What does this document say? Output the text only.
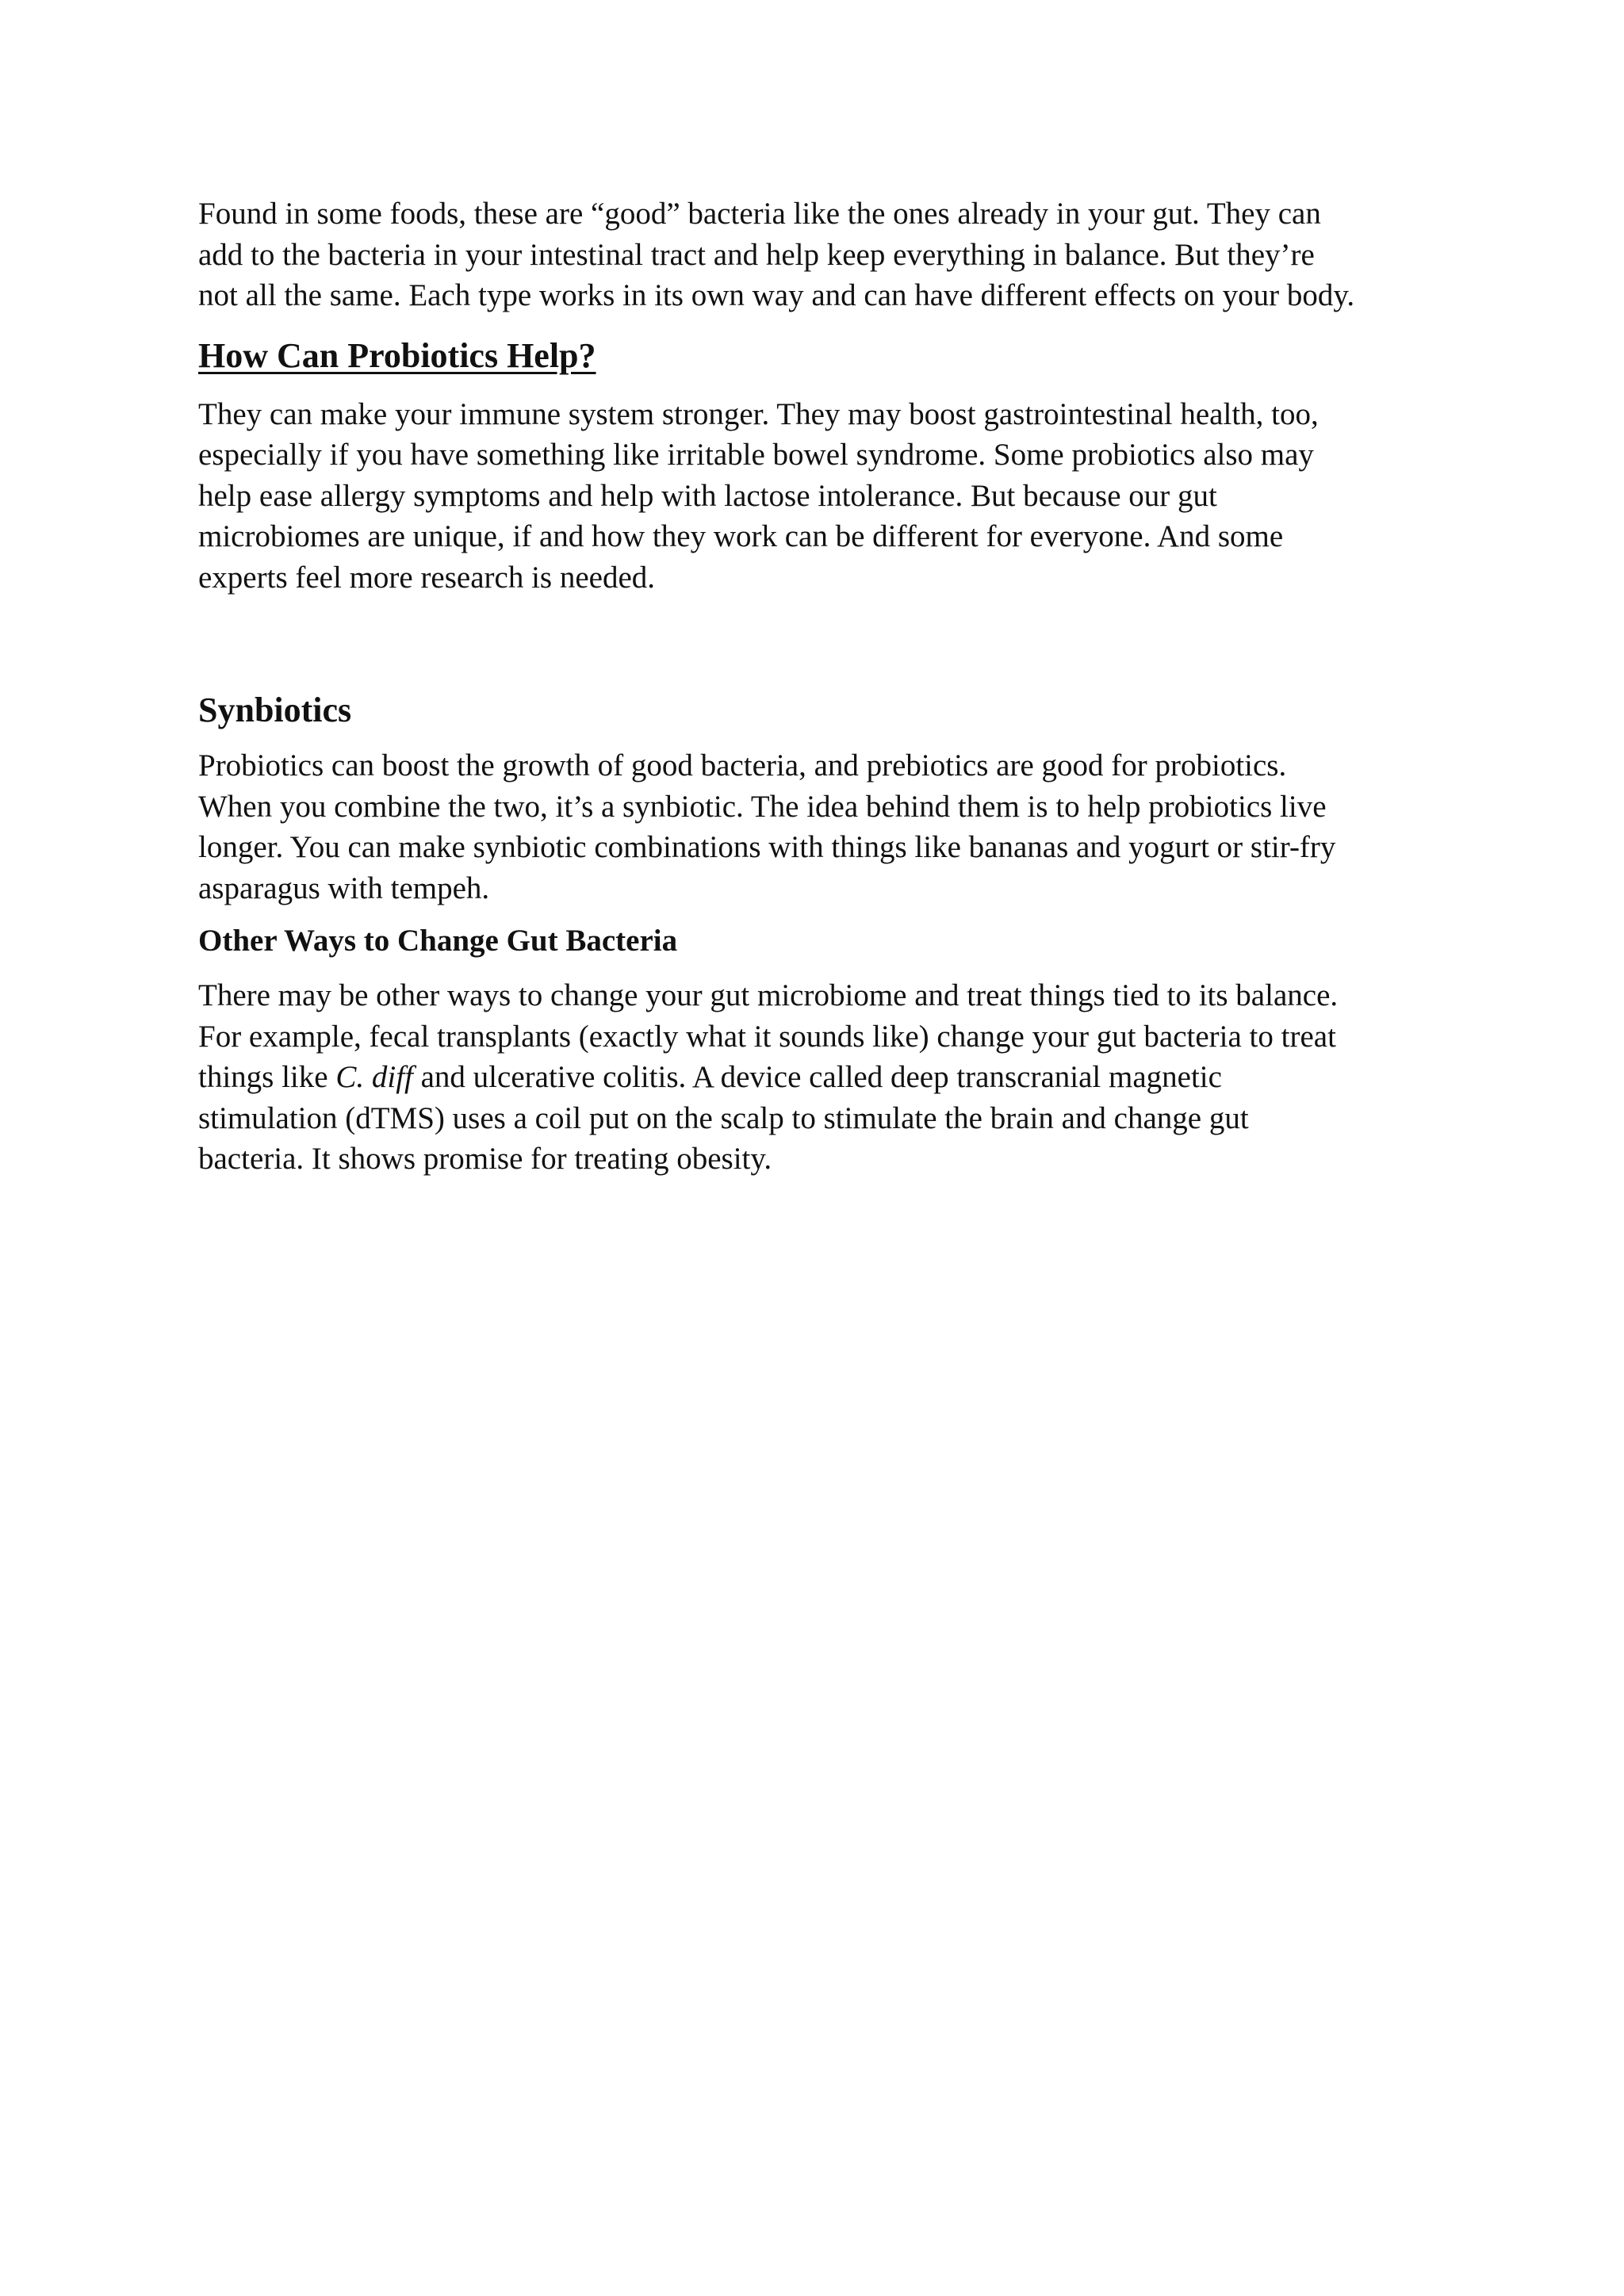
Found in some foods, these are “good” bacteria like the ones already in your gut. They can
add to the bacteria in your intestinal tract and help keep everything in balance. But they’re
not all the same. Each type works in its own way and can have different effects on your body.

How Can Probiotics Help?

They can make your immune system stronger. They may boost gastrointestinal health, too,
especially if you have something like irritable bowel syndrome. Some probiotics also may
help ease allergy symptoms and help with lactose intolerance. But because our gut
microbiomes are unique, if and how they work can be different for everyone. And some
experts feel more research is needed.

Synbiotics

Probiotics can boost the growth of good bacteria, and prebiotics are good for probiotics.
When you combine the two, it’s a synbiotic. The idea behind them is to help probiotics live
longer. You can make synbiotic combinations with things like bananas and yogurt or stir-fry
asparagus with tempeh.

Other Ways to Change Gut Bacteria

There may be other ways to change your gut microbiome and treat things tied to its balance.
For example, fecal transplants (exactly what it sounds like) change your gut bacteria to treat
things like C. diff and ulcerative colitis. A device called deep transcranial magnetic
stimulation (dTMS) uses a coil put on the scalp to stimulate the brain and change gut
bacteria. It shows promise for treating obesity.
